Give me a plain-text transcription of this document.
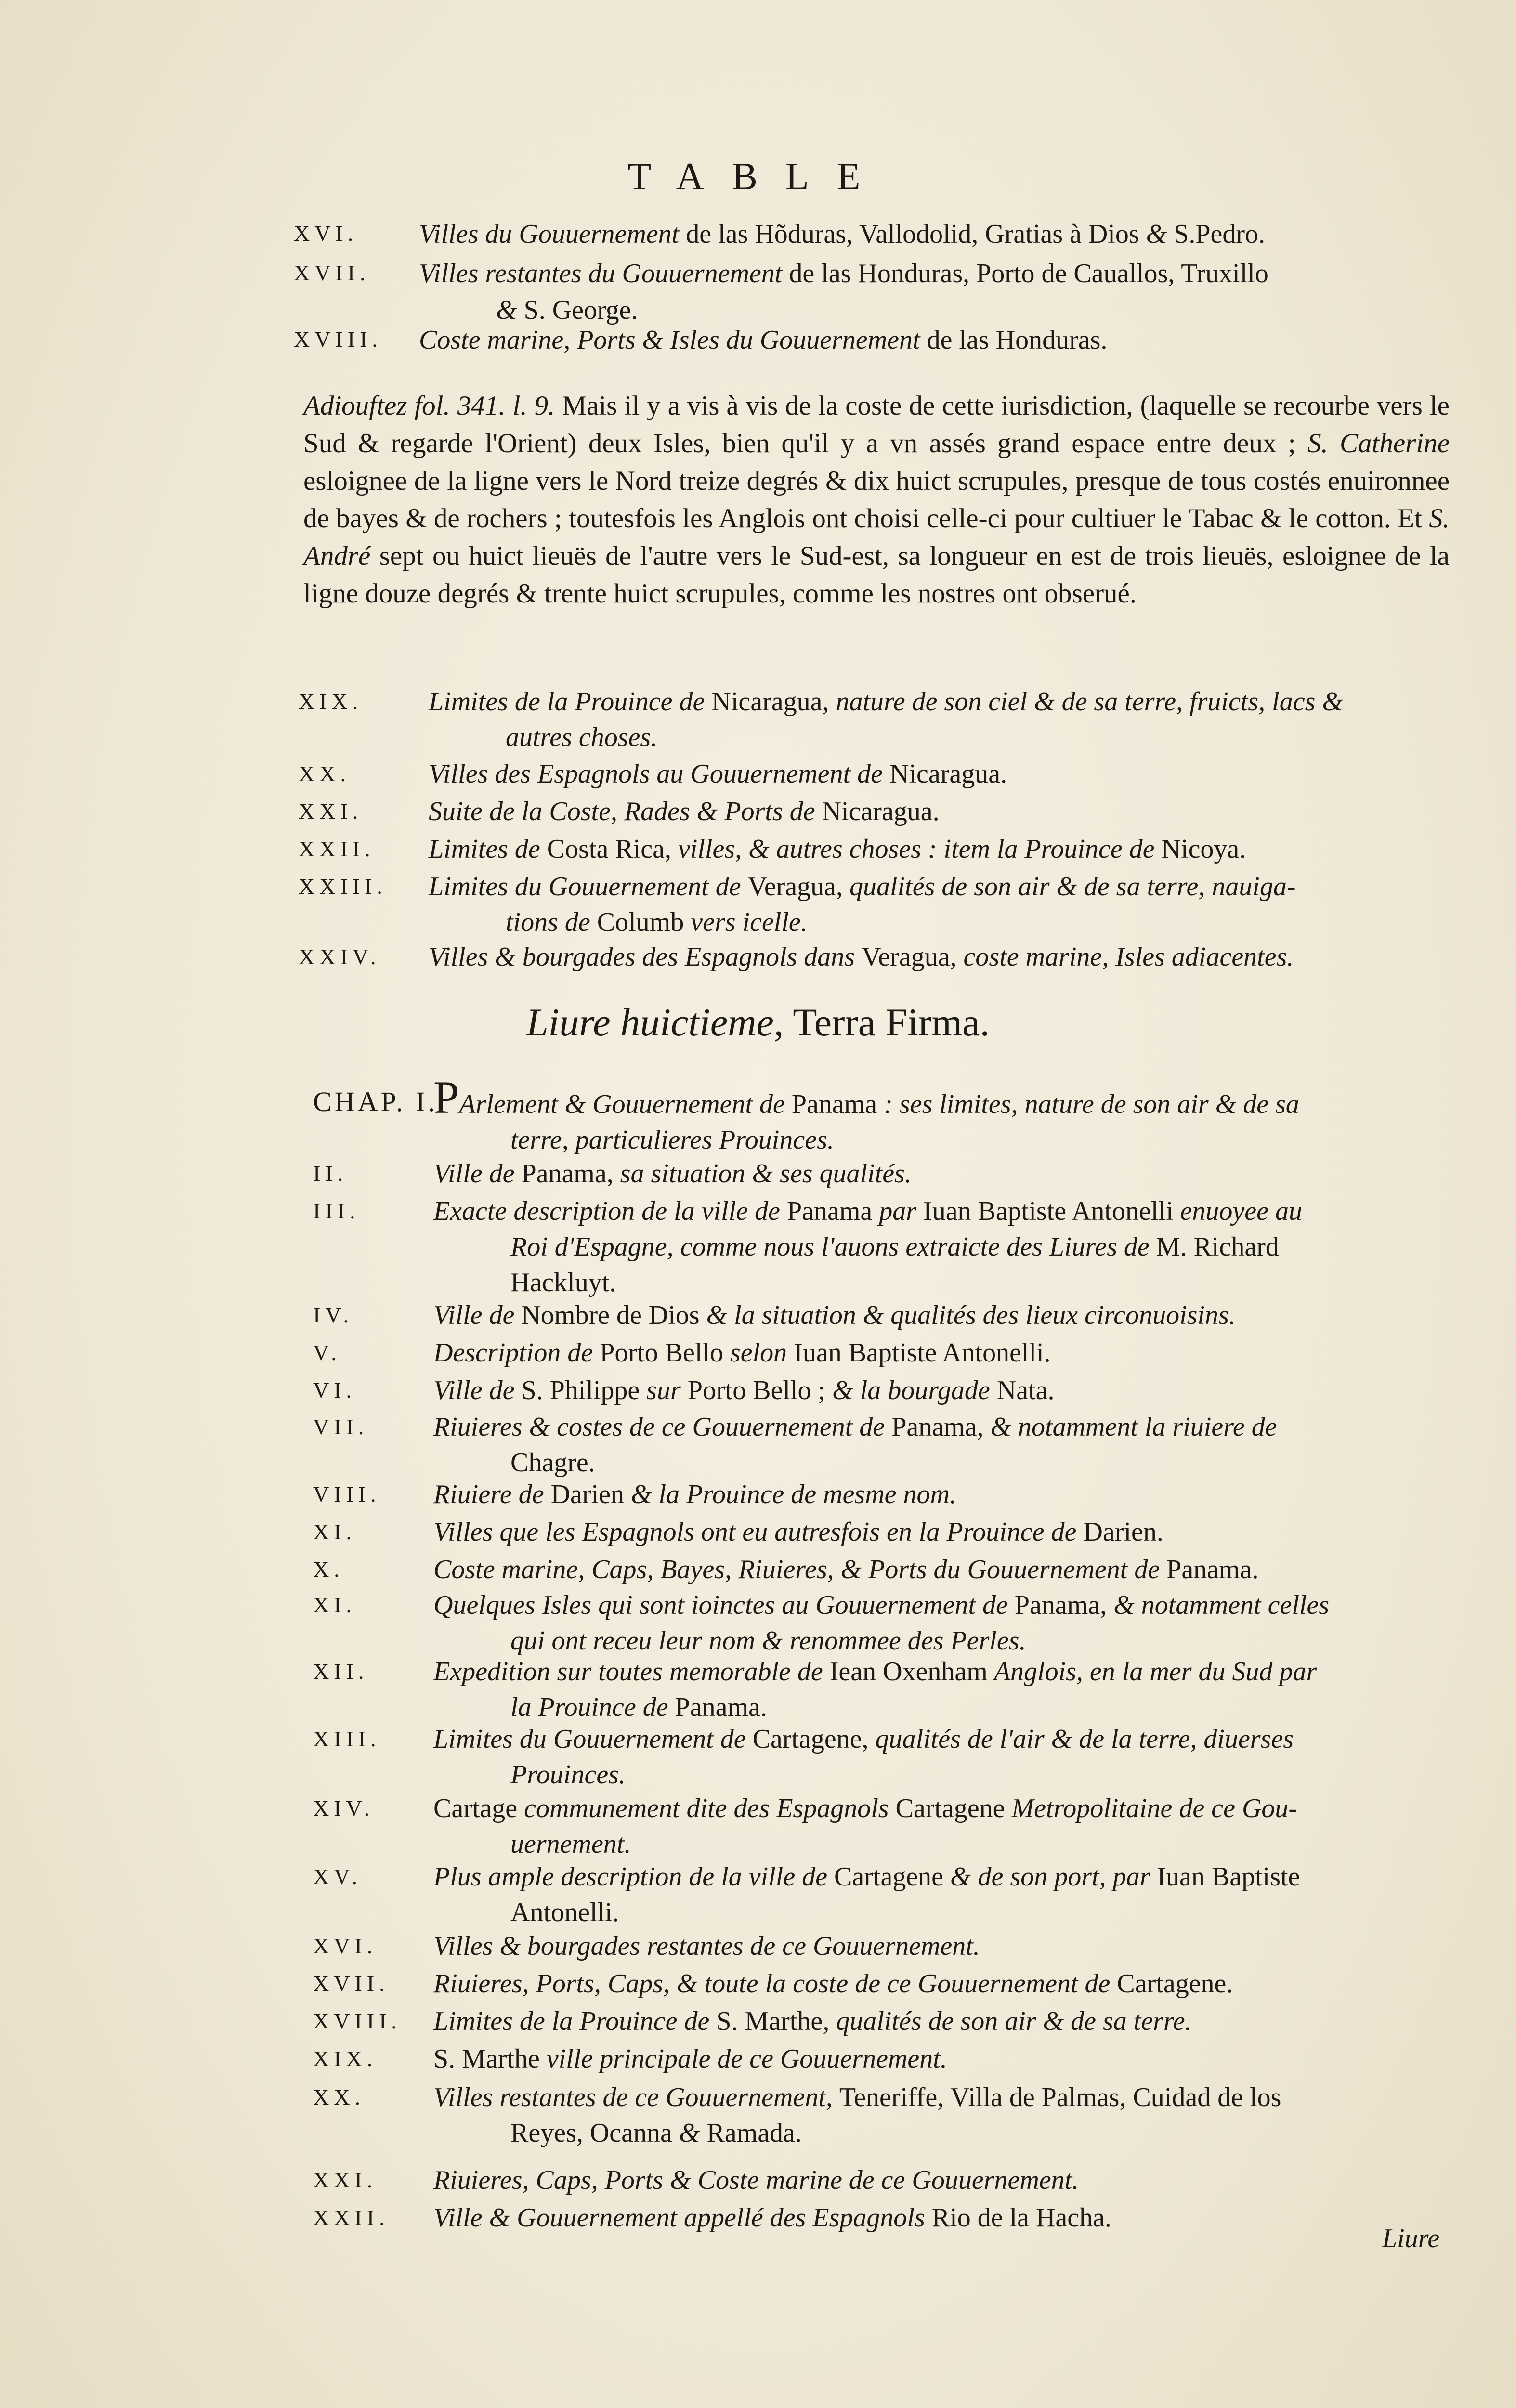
TABLE
XVI. Villes du Gouuernement de las Hõduras, Vallodolid, Gratias à Dios & S.Pedro.
XVII. Villes restantes du Gouuernement de las Honduras, Porto de Cauallos, Truxillo
& S. George.
XVIII. Coste marine, Ports & Isles du Gouuernement de las Honduras.
Adiouftez fol. 341. l. 9. Mais il y a vis à vis de la coste de cette iurisdiction, (laquelle se recourbe vers le Sud & regarde l'Orient) deux Isles, bien qu'il y a vn assés grand espace entre deux ; S. Catherine esloignee de la ligne vers le Nord treize degrés & dix huict scrupules, presque de tous costés enuironnee de bayes & de rochers ; toutesfois les Anglois ont choisi celle-ci pour cultiuer le Tabac & le cotton. Et S. André sept ou huict lieuës de l'autre vers le Sud-est, sa longueur en est de trois lieuës, esloignee de la ligne douze degrés & trente huict scrupules, comme les nostres ont obserué.
XIX. Limites de la Prouince de Nicaragua, nature de son ciel & de sa terre, fruicts, lacs &
autres choses.
XX.	Villes des Espagnols au Gouuernement de Nicaragua.
XXI. Suite de la Coste, Rades & Ports de Nicaragua.
XXII. Limites de Costa Rica, villes, & autres choses : item la Prouince de Nicoya.
XXIII. Limites du Gouuernement de Veragua, qualités de son air & de sa terre, nauiga-
tions de Columb vers icelle.
XXIV. Villes & bourgades des Espagnols dans Veragua, coste marine, Isles adiacentes.
Liure huictieme, Terra Firma.
CHAP. I.
PArlement & Gouuernement de Panama : ses limites, nature de son air & de sa
terre, particulieres Prouinces.
II.	Ville de Panama, sa situation & ses qualités.
III.	Exacte description de la ville de Panama par Iuan Baptiste Antonelli enuoyee au
Roi d'Espagne, comme nous l'auons extraicte des Liures de M. Richard
Hackluyt.
IV.	Ville de Nombre de Dios & la situation & qualités des lieux circonuoisins.
V.	Description de Porto Bello selon Iuan Baptiste Antonelli.
VI.	Ville de S. Philippe sur Porto Bello ; & la bourgade Nata.
VII. Riuieres & costes de ce Gouuernement de Panama, & notamment la riuiere de
Chagre.
VIII. Riuiere de Darien & la Prouince de mesme nom.
XI.	Villes que les Espagnols ont eu autresfois en la Prouince de Darien.
X.	Coste marine, Caps, Bayes, Riuieres, & Ports du Gouuernement de Panama.
XI.	Quelques Isles qui sont ioinctes au Gouuernement de Panama, & notamment celles
qui ont receu leur nom & renommee des Perles.
XII. Expedition sur toutes memorable de Iean Oxenham Anglois, en la mer du Sud par
la Prouince de Panama.
XIII. Limites du Gouuernement de Cartagene, qualités de l'air & de la terre, diuerses
Prouinces.
XIV. Cartage communement dite des Espagnols Cartagene Metropolitaine de ce Gou-
uernement.
XV.	Plus ample description de la ville de Cartagene & de son port, par Iuan Baptiste
Antonelli.
XVI. Villes & bourgades restantes de ce Gouuernement.
XVII. Riuieres, Ports, Caps, & toute la coste de ce Gouuernement de Cartagene.
XVIII. Limites de la Prouince de S. Marthe, qualités de son air & de sa terre.
XIX. S. Marthe ville principale de ce Gouuernement.
XX.	Villes restantes de ce Gouuernement, Teneriffe, Villa de Palmas, Cuidad de los
Reyes, Ocanna & Ramada.
XXI. Riuieres, Caps, Ports & Coste marine de ce Gouuernement.
XXII. Ville & Gouuernement appellé des Espagnols Rio de la Hacha.
Liure
